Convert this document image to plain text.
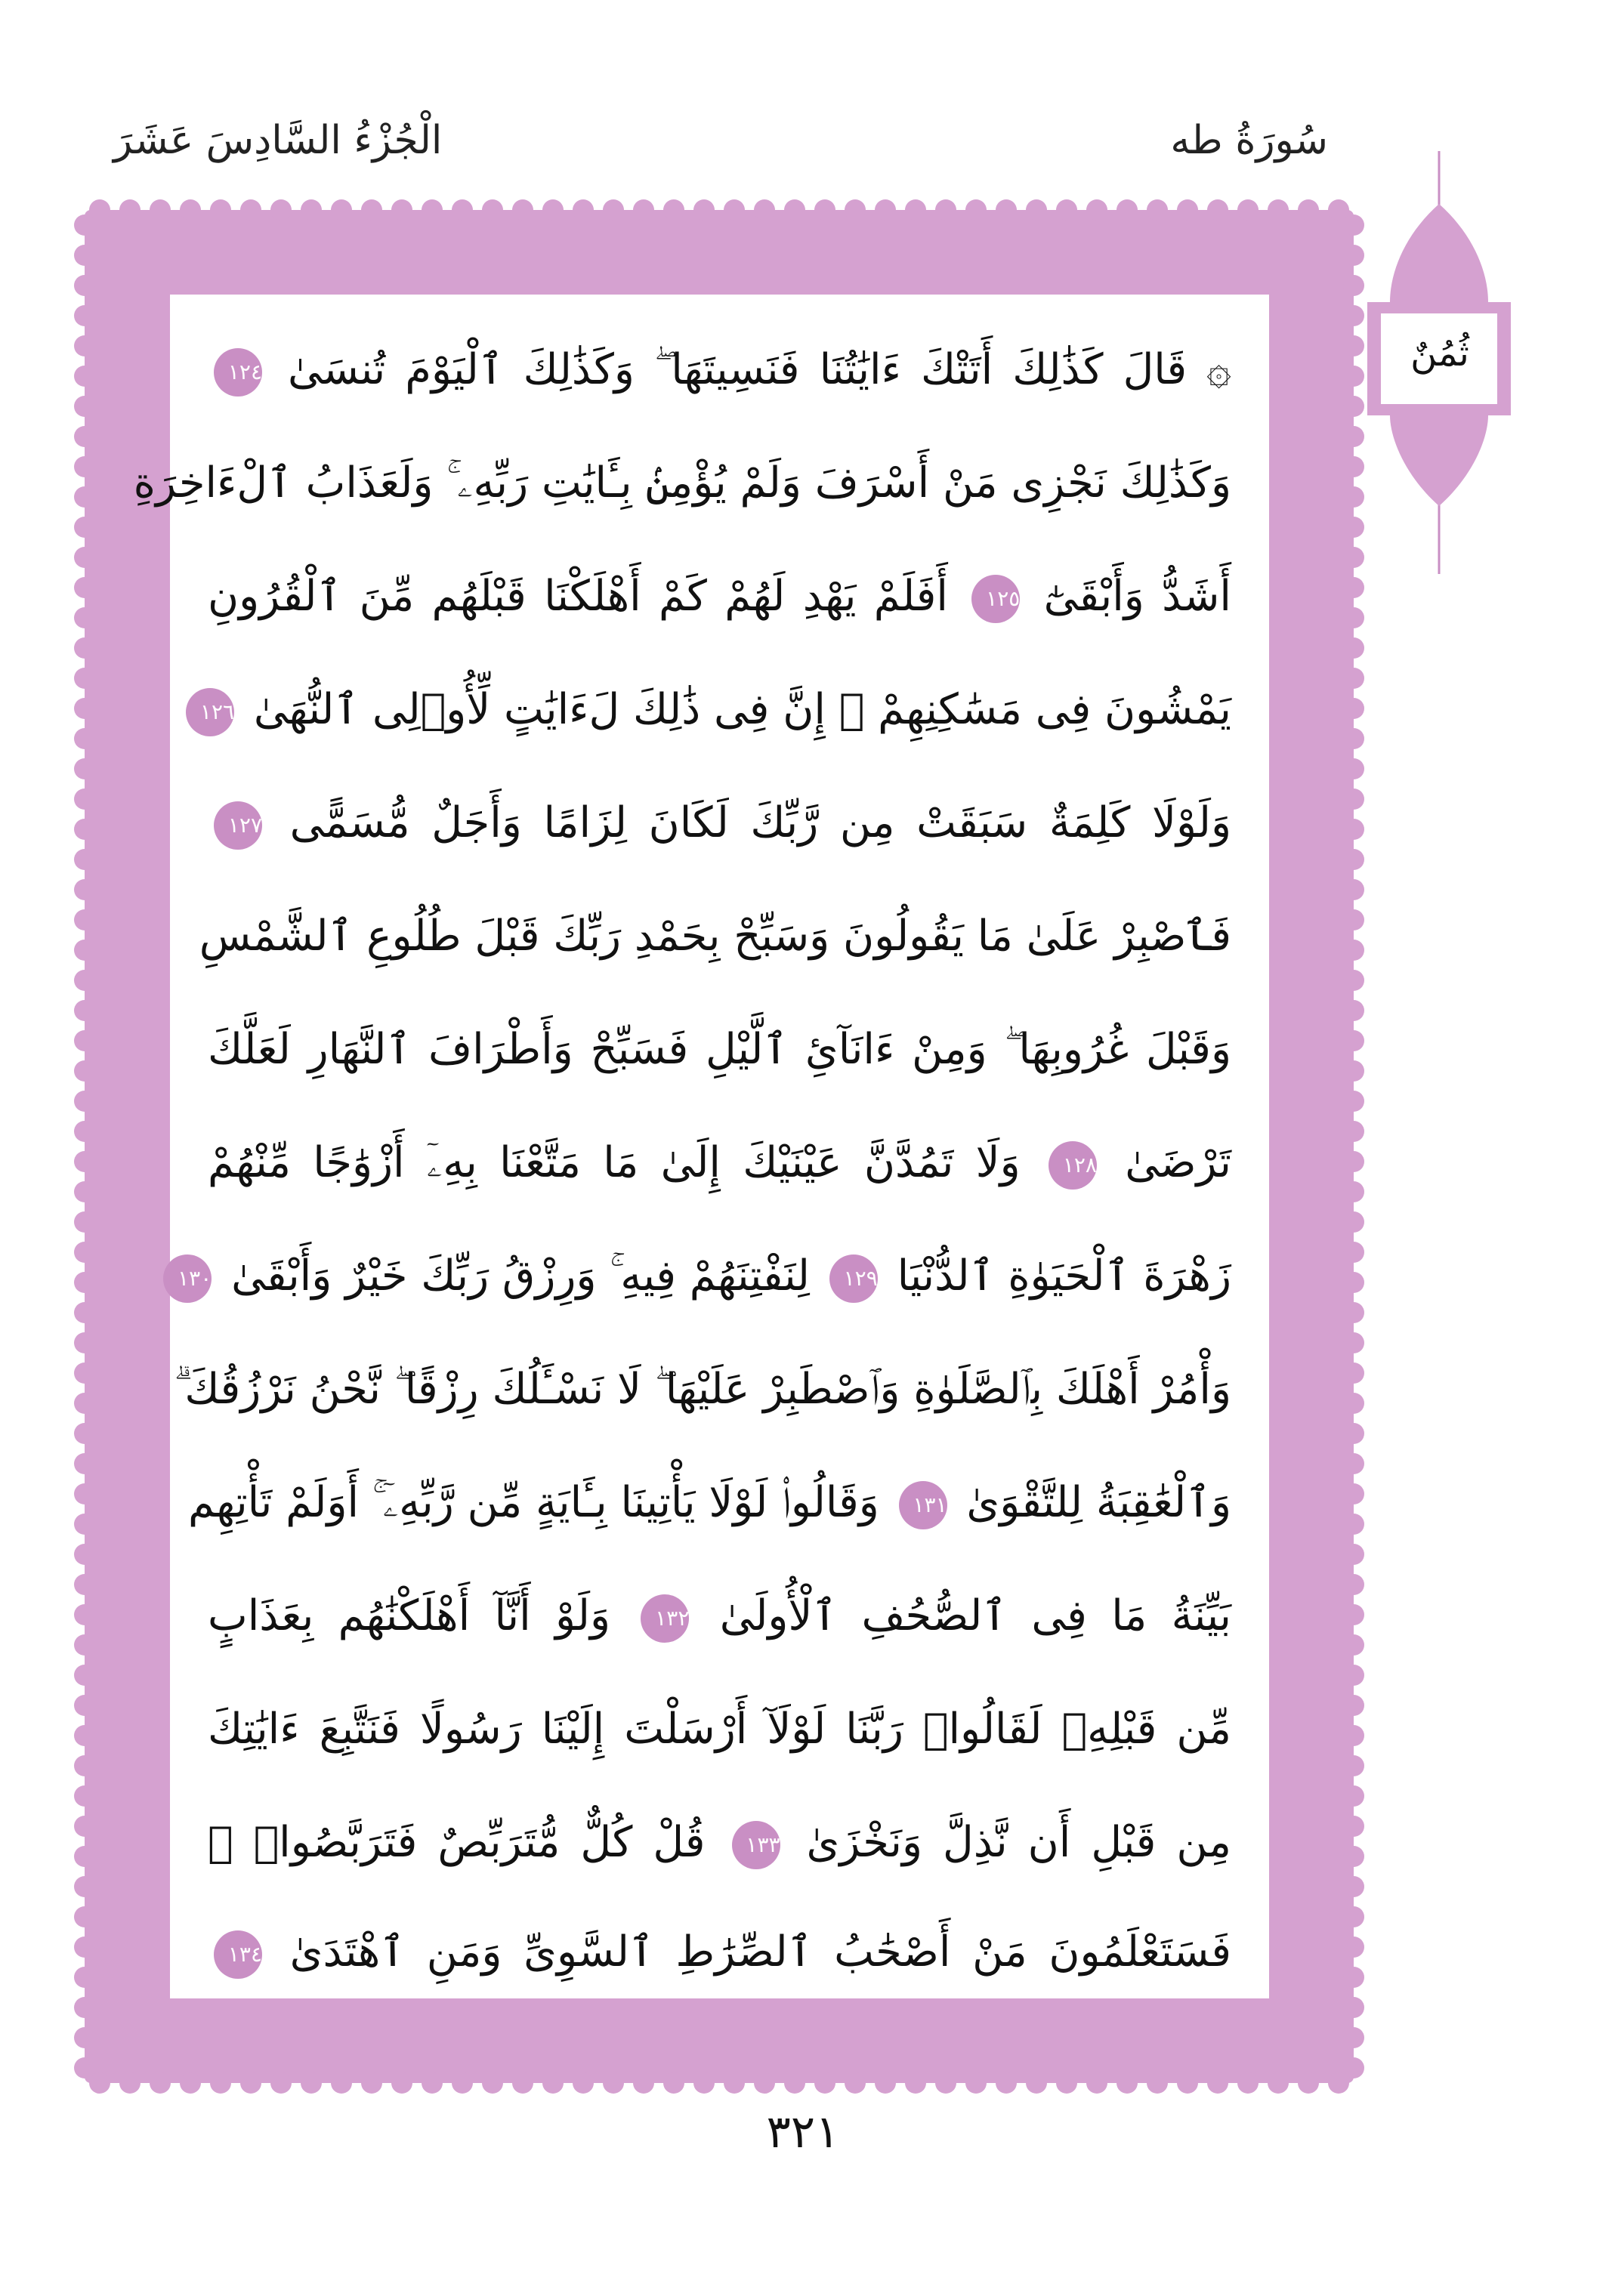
سُورَةُ طه
الْجُزْءُ السَّادِسَ عَشَرَ
۞ قَالَ كَذَٰلِكَ أَتَتْكَ ءَايَٰتُنَا فَنَسِيتَهَا ۖ وَكَذَٰلِكَ ٱلْيَوْمَ تُنسَىٰ ١٢٤
وَكَذَٰلِكَ نَجْزِى مَنْ أَسْرَفَ وَلَمْ يُؤْمِنۢ بِـَٔايَٰتِ رَبِّهِۦ ۚ وَلَعَذَابُ ٱلْءَاخِرَةِ
أَشَدُّ وَأَبْقَىٰٓ ١٢٥ أَفَلَمْ يَهْدِ لَهُمْ كَمْ أَهْلَكْنَا قَبْلَهُم مِّنَ ٱلْقُرُونِ
يَمْشُونَ فِى مَسَٰكِنِهِمْ ۗ إِنَّ فِى ذَٰلِكَ لَءَايَٰتٍ لِّأُو۟لِى ٱلنُّهَىٰ ١٢٦
وَلَوْلَا كَلِمَةٌ سَبَقَتْ مِن رَّبِّكَ لَكَانَ لِزَامًا وَأَجَلٌ مُّسَمًّى ١٢٧
فَٱصْبِرْ عَلَىٰ مَا يَقُولُونَ وَسَبِّحْ بِحَمْدِ رَبِّكَ قَبْلَ طُلُوعِ ٱلشَّمْسِ
وَقَبْلَ غُرُوبِهَا ۖ وَمِنْ ءَانَآئِ ٱلَّيْلِ فَسَبِّحْ وَأَطْرَافَ ٱلنَّهَارِ لَعَلَّكَ
تَرْضَىٰ ١٢٨ وَلَا تَمُدَّنَّ عَيْنَيْكَ إِلَىٰ مَا مَتَّعْنَا بِهِۦٓ أَزْوَٰجًا مِّنْهُمْ
زَهْرَةَ ٱلْحَيَوٰةِ ٱلدُّنْيَا ١٢٩ لِنَفْتِنَهُمْ فِيهِ ۚ وَرِزْقُ رَبِّكَ خَيْرٌ وَأَبْقَىٰ ١٣٠
وَأْمُرْ أَهْلَكَ بِٱلصَّلَوٰةِ وَٱصْطَبِرْ عَلَيْهَا ۖ لَا نَسْـَٔلُكَ رِزْقًا ۖ نَّحْنُ نَرْزُقُكَ ۗ
وَٱلْعَٰقِبَةُ لِلتَّقْوَىٰ ١٣١ وَقَالُوا۟ لَوْلَا يَأْتِينَا بِـَٔايَةٍ مِّن رَّبِّهِۦٓ ۚ أَوَلَمْ تَأْتِهِم
بَيِّنَةُ مَا فِى ٱلصُّحُفِ ٱلْأُولَىٰ ١٣٢ وَلَوْ أَنَّآ أَهْلَكْنَٰهُم بِعَذَابٍ
مِّن قَبْلِهِۦ لَقَالُوا۟ رَبَّنَا لَوْلَآ أَرْسَلْتَ إِلَيْنَا رَسُولًا فَنَتَّبِعَ ءَايَٰتِكَ
مِن قَبْلِ أَن نَّذِلَّ وَنَخْزَىٰ ١٣٣ قُلْ كُلٌّ مُّتَرَبِّصٌ فَتَرَبَّصُوا۟ ۖ
فَسَتَعْلَمُونَ مَنْ أَصْحَٰبُ ٱلصِّرَٰطِ ٱلسَّوِىِّ وَمَنِ ٱهْتَدَىٰ ١٣٤
ثُمُنٌ
٣٢١
